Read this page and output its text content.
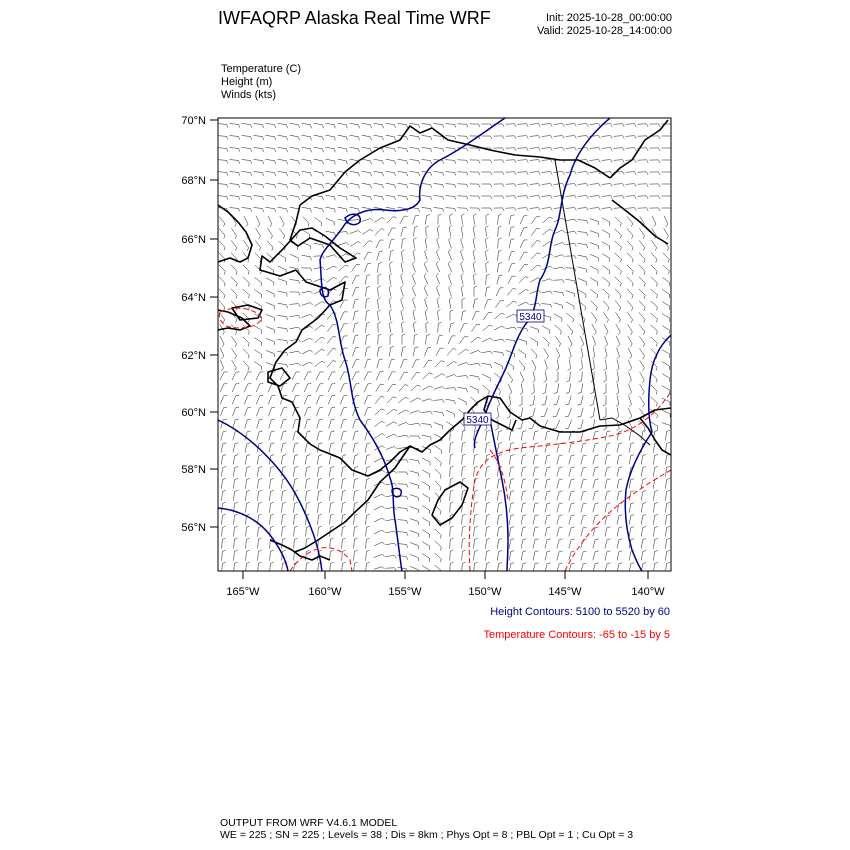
IWFAQRP Alaska Real Time WRF	Init: 2025-10-28_00:00:00
Valid: 2025-10-28_14:00:00
Temperature (C)
Height (m)
Winds (kts)
5340
5340
70°N
68°N
66°N
64°N
62°N
60°N
58°N
56°N
165°W	160°W	155°W	150°W	145°W	140°W
Height Contours: 5100 to 5520 by 60
Temperature Contours: -65 to -15 by 5
OUTPUT FROM WRF V4.6.1 MODEL
WE = 225 ; SN = 225 ; Levels = 38 ; Dis = 8km ; Phys Opt = 8 ; PBL Opt = 1 ; Cu Opt = 3
